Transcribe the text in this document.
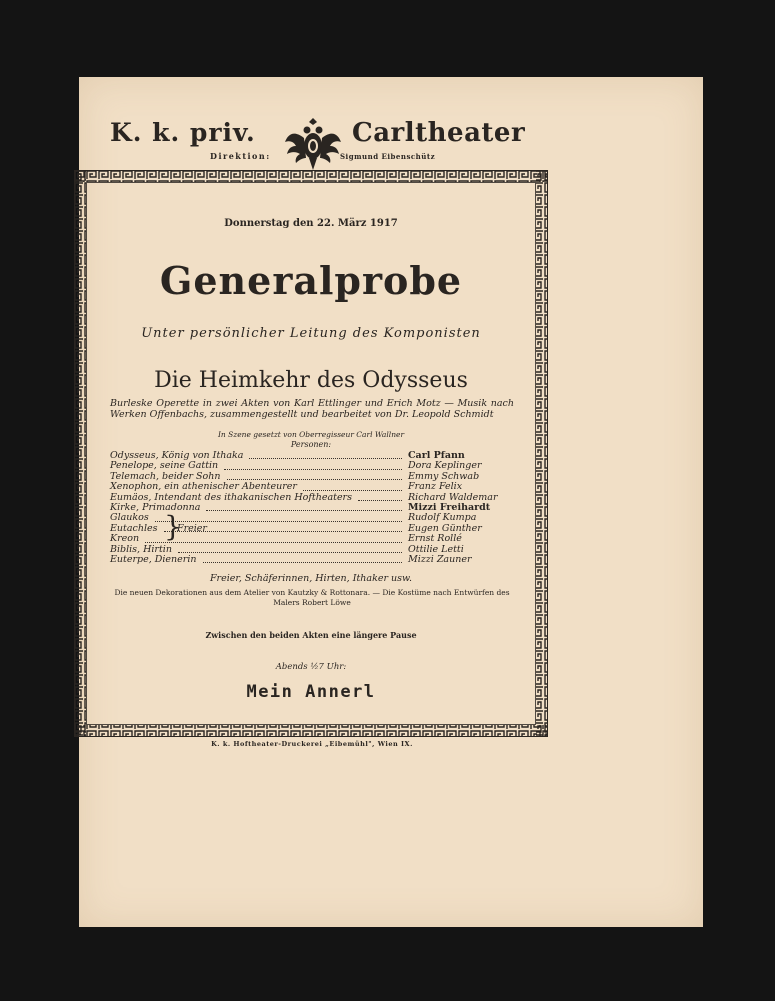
K. k. priv.	Carltheater
Direktion:	Sigmund Eibenschütz
Donnerstag den 22. März 1917
Generalprobe
Unter persönlicher Leitung des Komponisten
Die Heimkehr des Odysseus
Burleske Operette in zwei Akten von Karl Ettlinger und Erich Motz — Musik nach Werken Offenbachs, zusammengestellt und bearbeitet von Dr. Leopold Schmidt
In Szene gesetzt von Oberregisseur Carl Wallner
Personen:
Odysseus, König von Ithaka	Carl Pfann
Penelope, seine Gattin	Dora Keplinger
Telemach, beider Sohn	Emmy Schwab
Xenophon, ein athenischer Abenteurer	Franz Felix
Eumäos, Intendant des ithakanischen Hoftheaters	Richard Waldemar
Kirke, Primadonna	Mizzi Freihardt
Glaukos	Rudolf Kumpa
Eutachles	Eugen Günther
Kreon	Ernst Rollé
Biblis, Hirtin	Ottilie Letti
Euterpe, Dienerin	Mizzi Zauner
}
Freier
Freier, Schäferinnen, Hirten, Ithaker usw.
Die neuen Dekorationen aus dem Atelier von Kautzky & Rottonara. — Die Kostüme nach Entwürfen des Malers Robert Löwe
Zwischen den beiden Akten eine längere Pause
Abends ½7 Uhr:
Mein Annerl
K. k. Hoftheater-Druckerei „Eibemühl", Wien IX.
